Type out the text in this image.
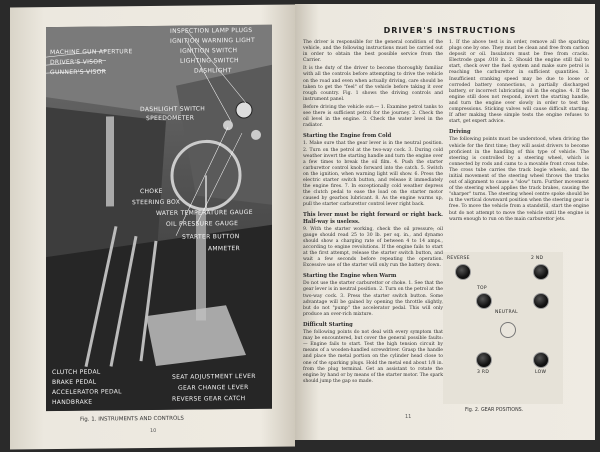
MACHINE GUN APERTURE
DRIVER'S VISOR
GUNNER'S VISOR
INSPECTION LAMP PLUGS
IGNITION WARNING LIGHT
IGNITION SWITCH
LIGHTING SWITCH
DASHLIGHT
DASHLIGHT SWITCH
SPEEDOMETER
CHOKE
STEERING BOX
WATER TEMPERATURE GAUGE
OIL PRESSURE GAUGE
STARTER BUTTON
AMMETER
CLUTCH PEDAL
BRAKE PEDAL
ACCELERATOR PEDAL
HANDBRAKE
SEAT ADJUSTMENT LEVER
GEAR CHANGE LEVER
REVERSE GEAR CATCH
Fig. 1. INSTRUMENTS AND CONTROLS
10
DRIVER'S INSTRUCTIONS

The driver is responsible for the general condition of the vehicle, and the following instructions must be carried out in order to obtain the best possible service from the Carrier.

It is the duty of the driver to become thoroughly familiar with all the controls before attempting to drive the vehicle on the road and even when actually driving, care should be taken to get the "feel" of the vehicle before taking it over rough country. Fig. 1 shows the driving controls and instrument panel.

Before driving the vehicle out:— 1. Examine petrol tanks to see there is sufficient petrol for the journey. 2. Check the oil level in the engine. 3. Check the water level in the radiator.

Starting the Engine from Cold

1. Make sure that the gear lever is in the neutral position. 2. Turn on the petrol at the two-way cock. 3. During cold weather invert the starting handle and turn the engine over a few times to break the oil film. 4. Push the starter carburettor control knob forward into the catch. 5. Switch on the ignition, when warning light will show. 6. Press the electric starter switch button, and release it immediately the engine fires. 7. In exceptionally cold weather depress the clutch pedal to ease the load on the starter motor caused by gearbox lubricant. 8. As the engine warms up, pull the starter carburettor control lever right back.

This lever must be right forward or right back. Half-way is useless.

9. With the starter working, check the oil pressure; oil gauge should read 25 to 30 lb. per sq. in., and dynamo should show a charging rate of between 4 to 14 amps., according to engine revolutions. If the engine fails to start at the first attempt, release the starter switch button, and wait a few seconds before repeating the operation. Excessive use of the starter will only run the battery down.

Starting the Engine when Warm

Do not use the starter carburettor or choke. 1. See that the gear lever is in neutral position. 2. Turn on the petrol at the two-way cock. 3. Press the starter switch button. Some advantage will be gained by opening the throttle slightly, but do not "pump" the accelerator pedal. This will only produce an over-rich mixture.

Difficult Starting

The following points do not deal with every symptom that may be encountered, but cover the general possible faults:— Engine fails to start. Test the high tension circuit by means of a wooden-handled screwdriver. Grasp the handle and place the metal portion on the cylinder head close to one of the sparking plugs. Hold the metal end about 1/8 in. from the plug terminal. Get an assistant to rotate the engine by hand or by means of the starter motor. The spark should jump the gap so made.

1. If the above test is in order, remove all the sparking plugs one by one. They must be clean and free from carbon deposit or oil. Insulators must be free from cracks. Electrode gaps .018 in. 2. Should the engine still fail to start, check over the fuel system and make sure petrol is reaching the carburettor in sufficient quantities. 3. Insufficient cranking speed may be due to loose or corroded battery connections, a partially discharged battery, or incorrect lubricating oil in the engine. 4. If the engine still does not respond, invert the starting handle, and turn the engine over slowly in order to test the compressions. Sticking valves will cause difficult starting. If after making these simple tests the engine refuses to start, get expert advice.

Driving

The following points must be understood, when driving the vehicle for the first time; they will assist drivers to become proficient in the handling of this type of vehicle. The steering is controlled by a steering wheel, which is connected by rods and cams to a movable front cross tube. The cross tube carries the track bogie wheels, and the initial movement of the steering wheel throws the tracks out of alignment to cause a "slow" turn. Further movement of the steering wheel applies the track brakes, causing the "sharper" turns. The steering wheel centre spoke should be in the vertical downward position when the steering gear is free. To move the vehicle from a standstill, start the engine but do not attempt to move the vehicle until the engine is warm enough to run on the main carburettor jets.

REVERSE	2 ND
TOP
NEUTRAL
3 RD	LOW
Fig. 2. GEAR POSITIONS.
11
